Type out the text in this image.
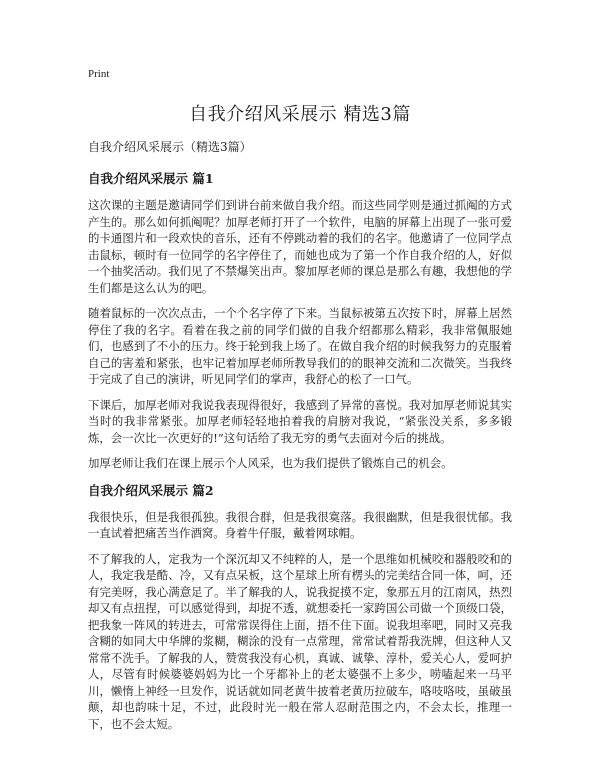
Print
自我介绍风采展示 精选3篇
自我介绍风采展示（精选3篇）
自我介绍风采展示 篇1

这次课的主题是邀请同学们到讲台前来做自我介绍。而这些同学则是通过抓阄的方式产生的。那么如何抓阄呢？加厚老师打开了一个软件，电脑的屏幕上出现了一张可爱的卡通图片和一段欢快的音乐，还有不停跳动着的我们的名字。他邀请了一位同学点击鼠标，顿时有一位同学的名字停住了，而她也成为了第一个作自我介绍的人，好似一个抽奖活动。我们见了不禁爆笑出声。黎加厚老师的课总是那么有趣，我想他的学生们都是这么认为的吧。

随着鼠标的一次次点击，一个个名字停了下来。当鼠标被第五次按下时，屏幕上居然停住了我的名字。看着在我之前的同学们做的自我介绍都那么精彩，我非常佩服她们，也感到了不小的压力。终于轮到我上场了。在做自我介绍的时候我努力的克服着自己的害羞和紧张，也牢记着加厚老师所教导我们的的眼神交流和二次微笑。当我终于完成了自己的演讲，听见同学们的掌声，我舒心的松了一口气。

下课后，加厚老师对我说我表现得很好，我感到了异常的喜悦。我对加厚老师说其实当时的我非常紧张。加厚老师轻轻地拍着我的肩膀对我说，“紧张没关系，多多锻炼，会一次比一次更好的!”这句话给了我无穷的勇气去面对今后的挑战。

加厚老师让我们在课上展示个人风采，也为我们提供了锻炼自己的机会。

自我介绍风采展示 篇2

我很快乐，但是我很孤独。我很合群，但是我很寞落。我很幽默，但是我很忧郁。我一直试着把痛苦当作酒窝。身着牛仔服，戴着网球帽。

不了解我的人，定我为一个深沉却又不纯粹的人，是一个思维如机械咬和器般咬和的人，我定我是酷、冷，又有点呆板，这个星球上所有楞头的完美结合同一体，呵，还有完美呀，我心满意足了。半了解我的人，说我捉摸不定，象那五月的江南风，热烈却又有点扭捏，可以感觉得到，却捉不透，就想委托一家跨国公司做一个顶级口袋，把我象一阵风的转进去，可常常误得住上面，捂不住下面。说我坦率吧，同时又亮我含糊的如同大中华牌的浆糊，糊涂的没有一点常理，常常试着帮我洗牌，但这种人又常常不洗手。了解我的人，赞赏我没有心机，真诚、诚挚、淳朴，爱关心人，爱呵护人，尽管有时候婆婆妈妈为比一个牙都补上的老太婆强不上多少，唠嗑起来一马平川，懒惰上神经一旦发作，说话就如同老黄牛披着老黄历拉破车，咯吱咯吱，虽破虽颠，却也韵味十足，不过，此段时光一般在常人忍耐范围之内，不会太长，推理一下，也不会太短。
